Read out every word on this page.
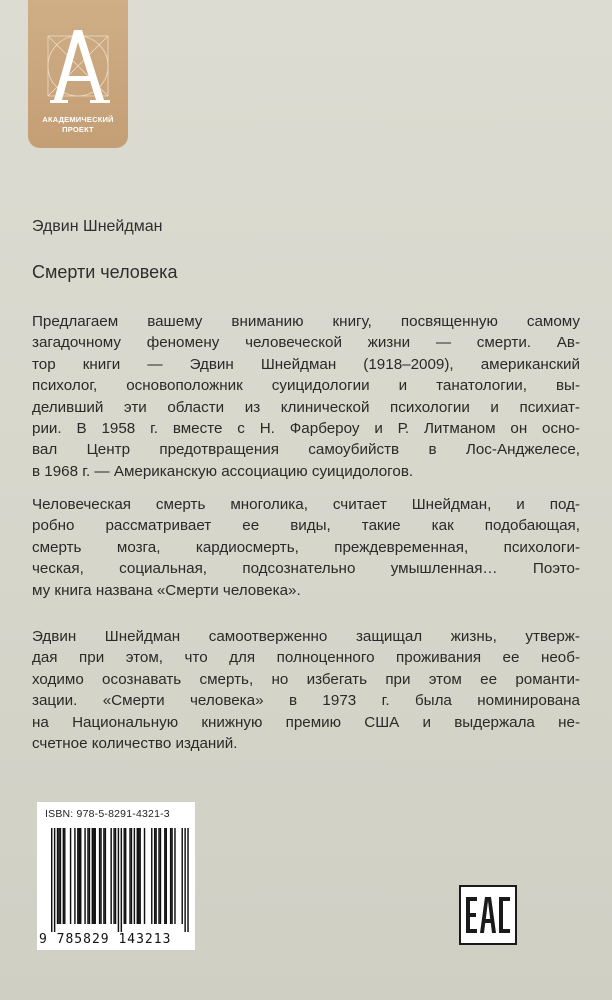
АКАДЕМИЧЕСКИЙ
ПРОЕКТ
Эдвин Шнейдман
Смерти человека

Предлагаем вашему вниманию книгу, посвященную самому
загадочному феномену человеческой жизни — смерти. Ав-
тор книги — Эдвин Шнейдман (1918–2009), американский
психолог, основоположник суицидологии и танатологии, вы-
деливший эти области из клинической психологии и психиат-
рии. В 1958 г. вместе с Н. Фарбероу и Р. Литманом он осно-
вал Центр предотвращения самоубийств в Лос-Анджелесе,
в 1968 г. — Американскую ассоциацию суицидологов.

Человеческая смерть многолика, считает Шнейдман, и под-
робно рассматривает ее виды, такие как подобающая,
смерть мозга, кардиосмерть, преждевременная, психологи-
ческая, социальная, подсознательно умышленная… Поэто-
му книга названа «Смерти человека».

Эдвин Шнейдман самоотверженно защищал жизнь, утверж-
дая при этом, что для полноценного проживания ее необ-
ходимо осознавать смерть, но избегать при этом ее романти-
зации. «Смерти человека» в 1973 г. была номинирована
на Национальную книжную премию США и выдержала не-
счетное количество изданий.

ISBN: 978-5-8291-4321-3
9 785829 143213
